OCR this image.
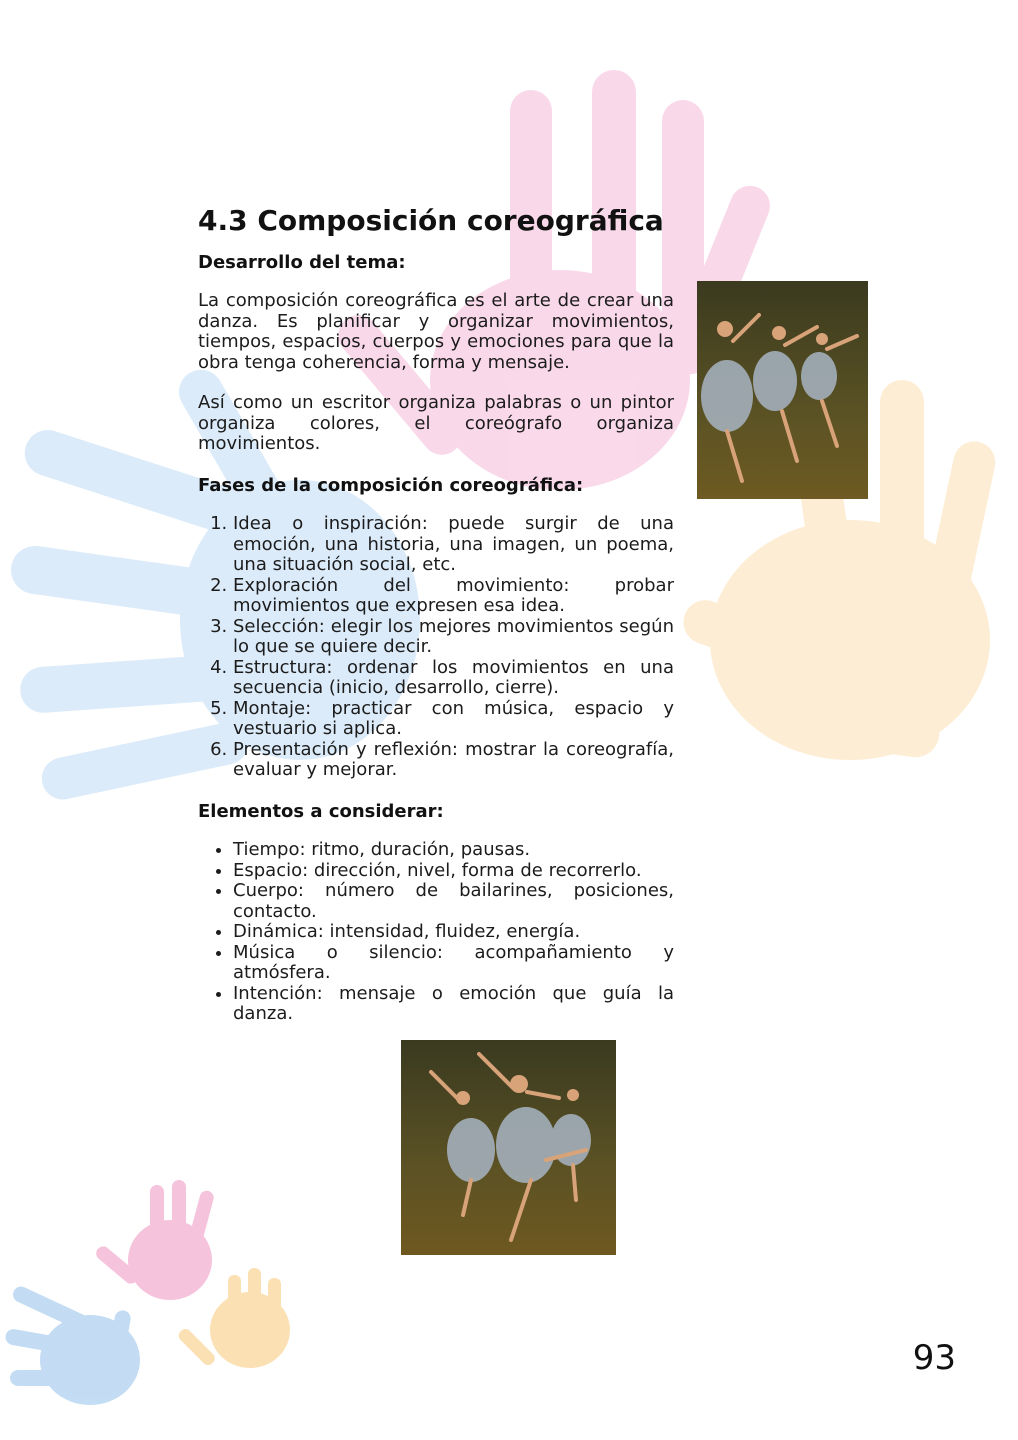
4.3 Composición coreográfica
Desarrollo del tema:

La composición coreográfica es el arte de crear una danza. Es planificar y organizar movimientos, tiempos, espacios, cuerpos y emociones para que la obra tenga coherencia, forma y mensaje.

Así como un escritor organiza palabras o un pintor organiza colores, el coreógrafo organiza movimientos.

Fases de la composición coreográfica:
1. Idea o inspiración: puede surgir de una emoción, una historia, una imagen, un poema, una situación social, etc.
2. Exploración del movimiento: probar movimientos que expresen esa idea.
3. Selección: elegir los mejores movimientos según lo que se quiere decir.
4. Estructura: ordenar los movimientos en una secuencia (inicio, desarrollo, cierre).
5. Montaje: practicar con música, espacio y vestuario si aplica.
6. Presentación y reflexión: mostrar la coreografía, evaluar y mejorar.
Elementos a considerar:
• Tiempo: ritmo, duración, pausas.
• Espacio: dirección, nivel, forma de recorrerlo.
• Cuerpo: número de bailarines, posiciones, contacto.
• Dinámica: intensidad, fluidez, energía.
• Música o silencio: acompañamiento y atmósfera.
• Intención: mensaje o emoción que guía la danza.
93
